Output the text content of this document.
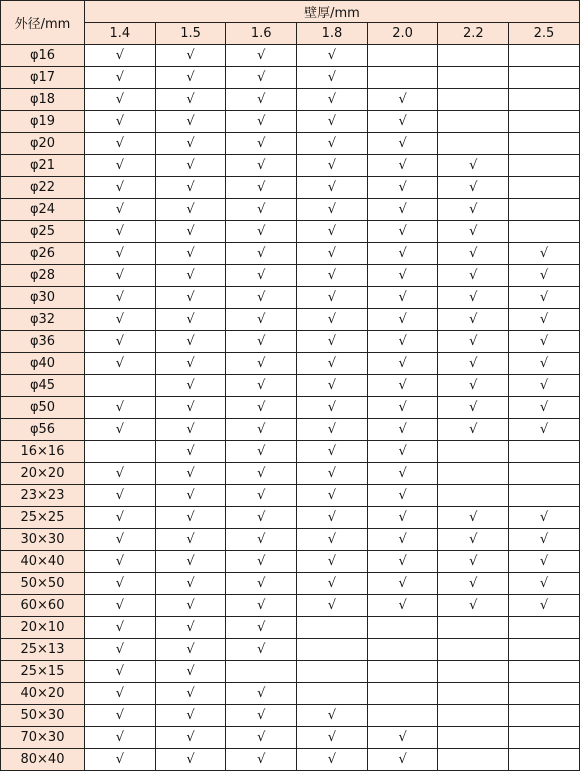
外径/mm	壁厚/mm						
	1.4	1.5	1.6	1.8	2.0	2.2	2.5
φ16	√	√	√	√			
φ17	√	√	√	√			
φ18	√	√	√	√	√		
φ19	√	√	√	√	√		
φ20	√	√	√	√	√		
φ21	√	√	√	√	√	√	
φ22	√	√	√	√	√	√	
φ24	√	√	√	√	√	√	
φ25	√	√	√	√	√	√	
φ26	√	√	√	√	√	√	√
φ28	√	√	√	√	√	√	√
φ30	√	√	√	√	√	√	√
φ32	√	√	√	√	√	√	√
φ36	√	√	√	√	√	√	√
φ40	√	√	√	√	√	√	√
φ45		√	√	√	√	√	√
φ50	√	√	√	√	√	√	√
φ56	√	√	√	√	√	√	√
16×16		√	√	√	√		
20×20	√	√	√	√	√		
23×23	√	√	√	√	√		
25×25	√	√	√	√	√	√	√
30×30	√	√	√	√	√	√	√
40×40	√	√	√	√	√	√	√
50×50	√	√	√	√	√	√	√
60×60	√	√	√	√	√	√	√
20×10	√	√	√				
25×13	√	√	√				
25×15	√	√					
40×20	√	√	√				
50×30	√	√	√	√			
70×30	√	√	√	√	√		
80×40	√	√	√	√	√		
